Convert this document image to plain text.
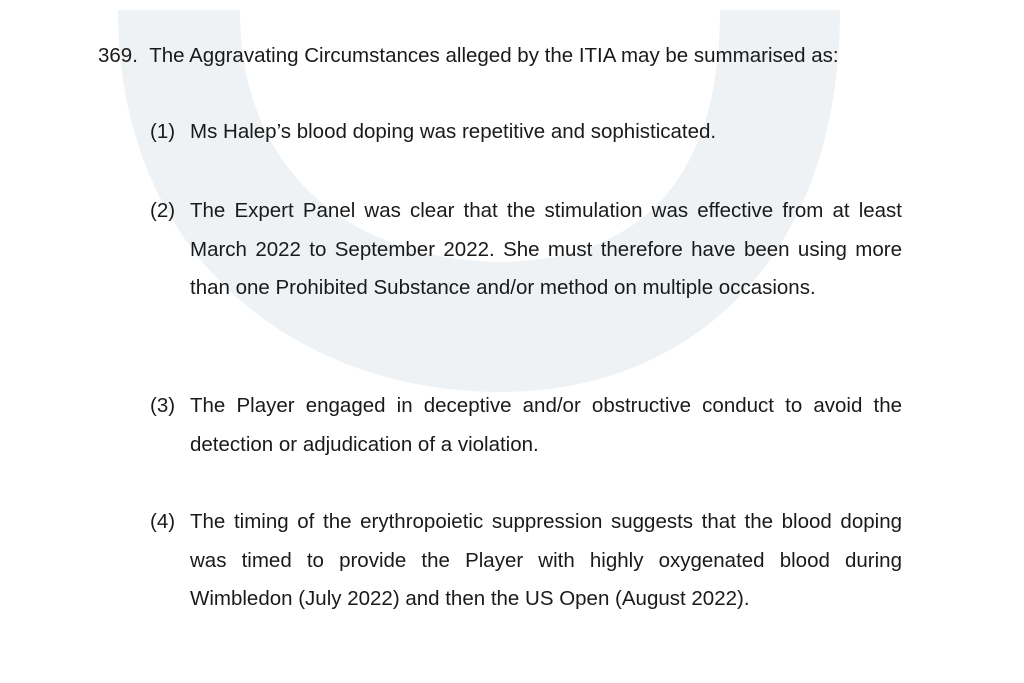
369. The Aggravating Circumstances alleged by the ITIA may be summarised as:
(1) Ms Halep’s blood doping was repetitive and sophisticated.
(2) The Expert Panel was clear that the stimulation was effective from at least March 2022 to September 2022. She must therefore have been using more than one Prohibited Substance and/or method on multiple occasions.
(3) The Player engaged in deceptive and/or obstructive conduct to avoid the detection or adjudication of a violation.
(4) The timing of the erythropoietic suppression suggests that the blood doping was timed to provide the Player with highly oxygenated blood during Wimbledon (July 2022) and then the US Open (August 2022).
